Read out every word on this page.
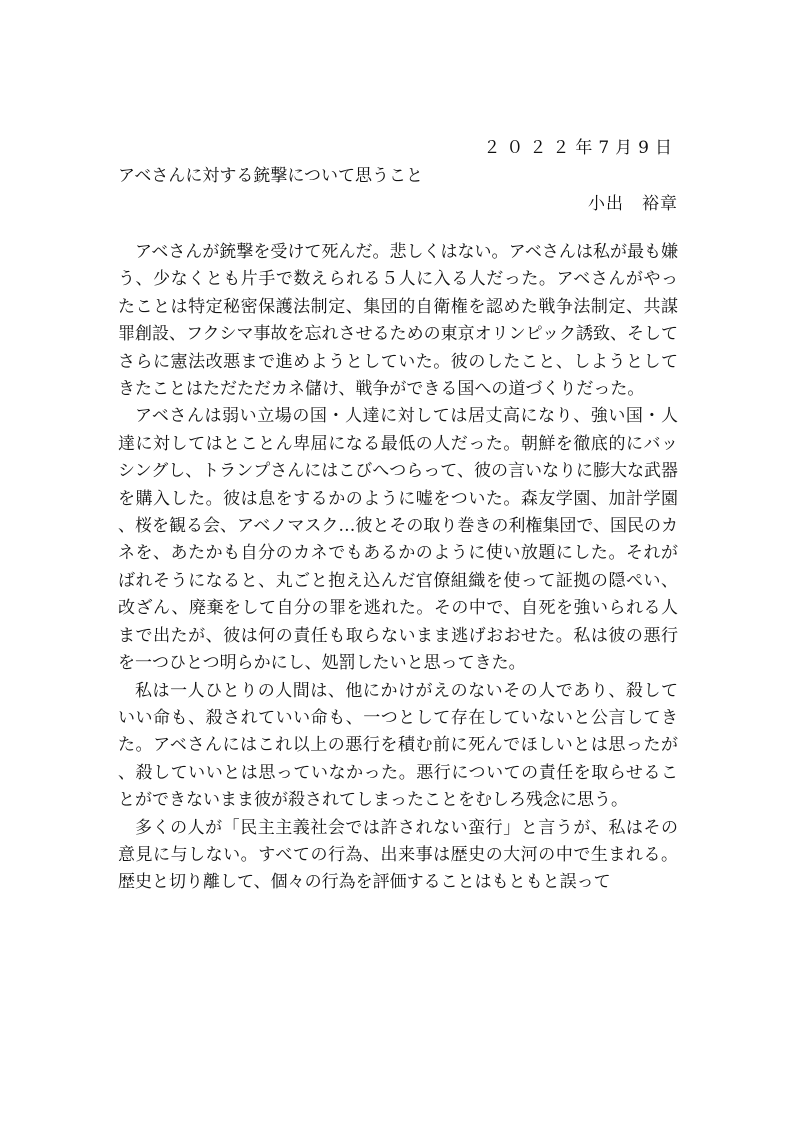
２０２２年7月9日
アベさんに対する銃撃について思うこと
小出　裕章

アベさんが銃撃を受けて死んだ。悲しくはない。アベさんは私が最も嫌う、少なくとも片手で数えられる５人に入る人だった。アベさんがやったことは特定秘密保護法制定、集団的自衛権を認めた戦争法制定、共謀罪創設、フクシマ事故を忘れさせるための東京オリンピック誘致、そしてさらに憲法改悪まで進めようとしていた。彼のしたこと、しようとしてきたことはただただカネ儲け、戦争ができる国への道づくりだった。

アベさんは弱い立場の国・人達に対しては居丈高になり、強い国・人達に対してはとことん卑屈になる最低の人だった。朝鮮を徹底的にバッシングし、トランプさんにはこびへつらって、彼の言いなりに膨大な武器を購入した。彼は息をするかのように嘘をついた。森友学園、加計学園、桜を観る会、アベノマスク…彼とその取り巻きの利権集団で、国民のカネを、あたかも自分のカネでもあるかのように使い放題にした。それがばれそうになると、丸ごと抱え込んだ官僚組織を使って証拠の隠ぺい、改ざん、廃棄をして自分の罪を逃れた。その中で、自死を強いられる人まで出たが、彼は何の責任も取らないまま逃げおおせた。私は彼の悪行を一つひとつ明らかにし、処罰したいと思ってきた。

私は一人ひとりの人間は、他にかけがえのないその人であり、殺していい命も、殺されていい命も、一つとして存在していないと公言してきた。アベさんにはこれ以上の悪行を積む前に死んでほしいとは思ったが、殺していいとは思っていなかった。悪行についての責任を取らせることができないまま彼が殺されてしまったことをむしろ残念に思う。

多くの人が「民主主義社会では許されない蛮行」と言うが、私はその意見に与しない。すべての行為、出来事は歴史の大河の中で生まれる。歴史と切り離して、個々の行為を評価することはもともと誤って
